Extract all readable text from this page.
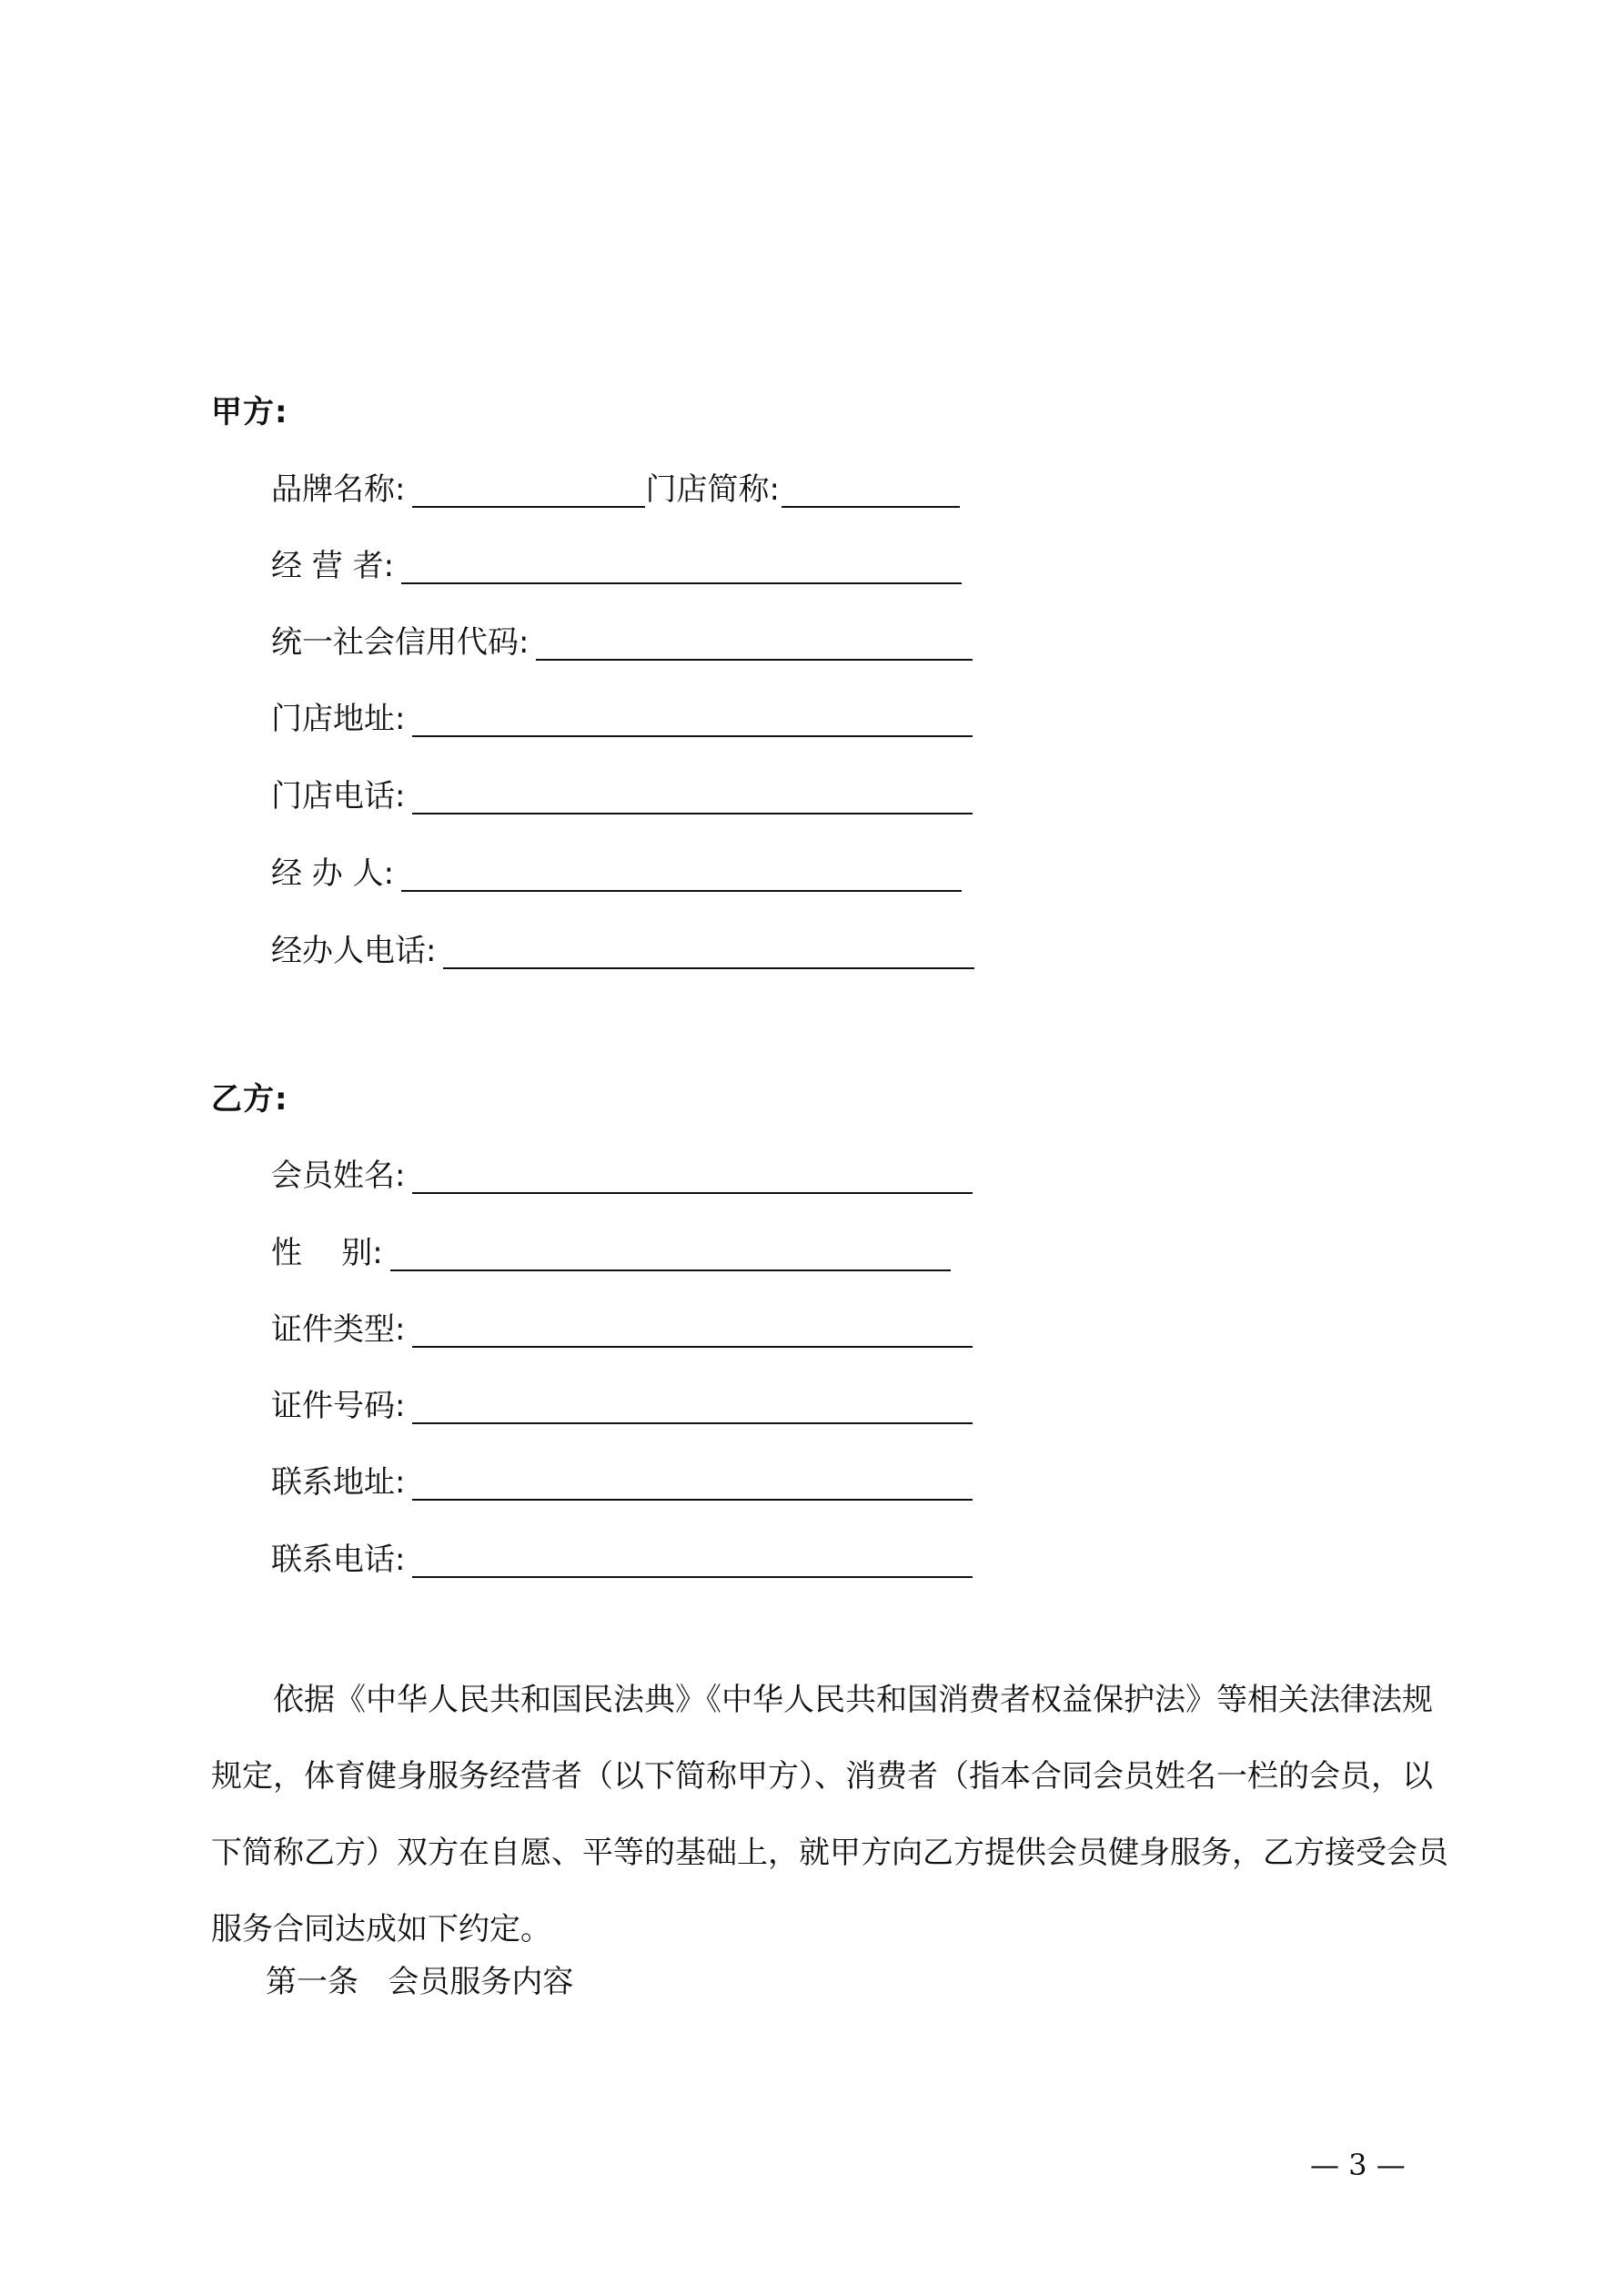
甲方:
品牌名称:	门店简称:
经 营 者:
统一社会信用代码:
门店地址:
门店电话:
经 办 人:
经办人电话:
乙方:
会员姓名:
性    别:
证件类型:
证件号码:
联系地址:
联系电话:
依据《中华人民共和国民法典》《中华人民共和国消费者权益保护法》等相关法律法规
规定，体育健身服务经营者（以下简称甲方）、消费者（指本合同会员姓名一栏的会员，以
下简称乙方）双方在自愿、平等的基础上，就甲方向乙方提供会员健身服务，乙方接受会员
服务合同达成如下约定。
第一条   会员服务内容
— 3 —
